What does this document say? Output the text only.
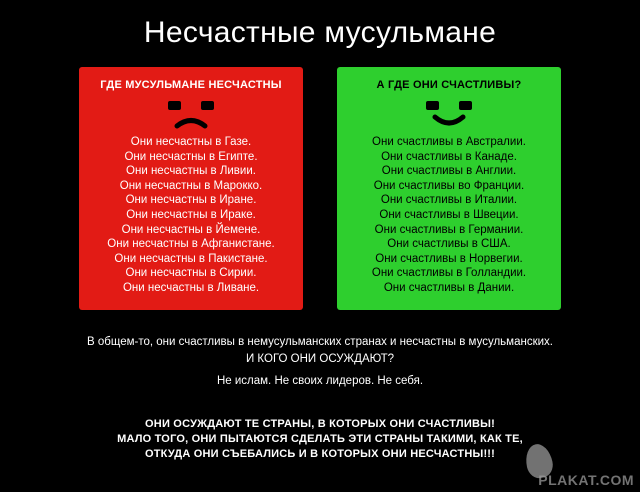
Несчастные мусульмане
ГДЕ МУСУЛЬМАНЕ НЕСЧАСТНЫ
Они несчастны в Газе.
Они несчастны в Египте.
Они несчастны в Ливии.
Они несчастны в Марокко.
Они несчастны в Иране.
Они несчастны в Ираке.
Они несчастны в Йемене.
Они несчастны в Афганистане.
Они несчастны в Пакистане.
Они несчастны в Сирии.
Они несчастны в Ливане.
А ГДЕ ОНИ СЧАСТЛИВЫ?
Они счастливы в Австралии.
Они счастливы в Канаде.
Они счастливы в Англии.
Они счастливы во Франции.
Они счастливы в Италии.
Они счастливы в Швеции.
Они счастливы в Германии.
Они счастливы в США.
Они счастливы в Норвегии.
Они счастливы в Голландии.
Они счастливы в Дании.
В общем-то, они счастливы в немусульманских странах и несчастны в мусульманских.
И КОГО ОНИ ОСУЖДАЮТ?
Не ислам. Не своих лидеров. Не себя.
ОНИ ОСУЖДАЮТ ТЕ СТРАНЫ, В КОТОРЫХ ОНИ СЧАСТЛИВЫ!
МАЛО ТОГО, ОНИ ПЫТАЮТСЯ СДЕЛАТЬ ЭТИ СТРАНЫ ТАКИМИ, КАК ТЕ,
ОТКУДА ОНИ СЪЕБАЛИСЬ И В КОТОРЫХ ОНИ НЕСЧАСТНЫ!!!
PLAKAT.COM
